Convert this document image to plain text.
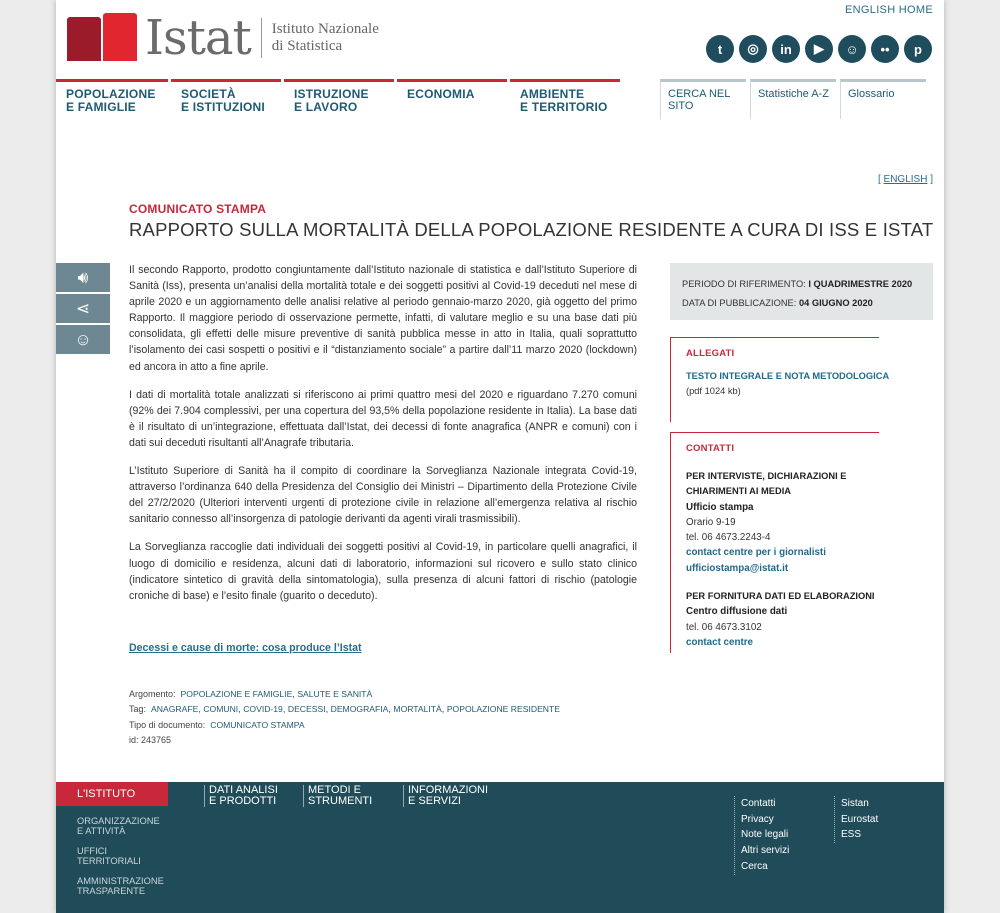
Istat Istituto Nazionale
di Statistica
ENGLISH HOME
t	◎	in	▶	☺	••	p
POPOLAZIONE
E FAMIGLIE
SOCIETÀ
E ISTITUZIONI
ISTRUZIONE
E LAVORO
ECONOMIA	AMBIENTE
E TERRITORIO
CERCA NEL SITO
Statistiche A-Z	Glossario
[ ENGLISH ]
COMUNICATO STAMPA
RAPPORTO SULLA MORTALITÀ DELLA POPOLAZIONE RESIDENTE A CURA DI ISS E ISTAT
🔊︎
⋖
☺

Il secondo Rapporto, prodotto congiuntamente dall’Istituto nazionale di statistica e dall’Istituto Superiore di Sanità (Iss), presenta un’analisi della mortalità totale e dei soggetti positivi al Covid-19 deceduti nel mese di aprile 2020 e un aggiornamento delle analisi relative al periodo gennaio-marzo 2020, già oggetto del primo Rapporto. Il maggiore periodo di osservazione permette, infatti, di valutare meglio e su una base dati più consolidata, gli effetti delle misure preventive di sanità pubblica messe in atto in Italia, quali soprattutto l’isolamento dei casi sospetti o positivi e il “distanziamento sociale” a partire dall’11 marzo 2020 (lockdown) ed ancora in atto a fine aprile.

I dati di mortalità totale analizzati si riferiscono ai primi quattro mesi del 2020 e riguardano 7.270 comuni (92% dei 7.904 complessivi, per una copertura del 93,5% della popolazione residente in Italia). La base dati è il risultato di un’integrazione, effettuata dall’Istat, dei decessi di fonte anagrafica (ANPR e comuni) con i dati sui deceduti risultanti all’Anagrafe tributaria.

L’Istituto Superiore di Sanità ha il compito di coordinare la Sorveglianza Nazionale integrata Covid-19, attraverso l’ordinanza 640 della Presidenza del Consiglio dei Ministri – Dipartimento della Protezione Civile del 27/2/2020 (Ulteriori interventi urgenti di protezione civile in relazione all’emergenza relativa al rischio sanitario connesso all’insorgenza di patologie derivanti da agenti virali trasmissibili).

La Sorveglianza raccoglie dati individuali dei soggetti positivi al Covid-19, in particolare quelli anagrafici, il luogo di domicilio e residenza, alcuni dati di laboratorio, informazioni sul ricovero e sullo stato clinico (indicatore sintetico di gravità della sintomatologia), sulla presenza di alcuni fattori di rischio (patologie croniche di base) e l’esito finale (guarito o deceduto).

Decessi e cause di morte: cosa produce l’Istat
Argomento: POPOLAZIONE E FAMIGLIE, SALUTE E SANITÀ
Tag: ANAGRAFE, COMUNI, COVID-19, DECESSI, DEMOGRAFIA, MORTALITÀ, POPOLAZIONE RESIDENTE
Tipo di documento: COMUNICATO STAMPA
id: 243765
PERIODO DI RIFERIMENTO: I QUADRIMESTRE 2020
DATA DI PUBBLICAZIONE: 04 GIUGNO 2020
ALLEGATI
TESTO INTEGRALE E NOTA METODOLOGICA
(pdf 1024 kb)
CONTATTI
PER INTERVISTE, DICHIARAZIONI E
CHIARIMENTI AI MEDIA
Ufficio stampa
Orario 9-19
tel. 06 4673.2243-4
contact centre per i giornalisti
ufficiostampa@istat.it
PER FORNITURA DATI ED ELABORAZIONI
Centro diffusione dati
tel. 06 4673.3102
contact centre
L'ISTITUTO
ORGANIZZAZIONE
E ATTIVITÀ
UFFICI
TERRITORIALI
AMMINISTRAZIONE
TRASPARENTE
DATI ANALISI
E PRODOTTI
METODI E
STRUMENTI
INFORMAZIONI
E SERVIZI	Contatti
Privacy
Note legali
Altri servizi
Cerca
Sistan
Eurostat
ESS
